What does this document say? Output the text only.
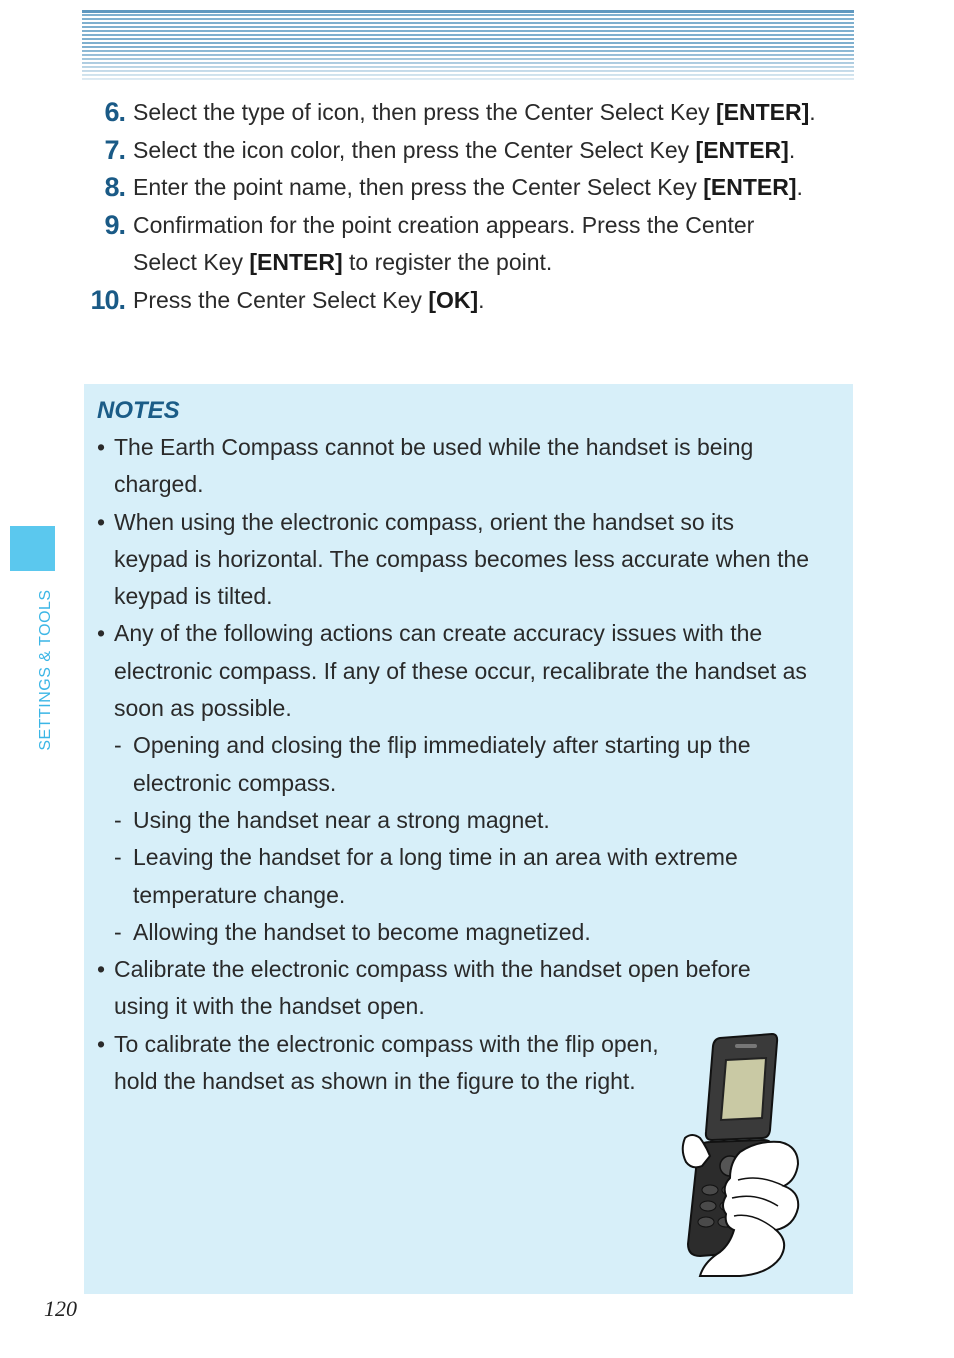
6. Select the type of icon, then press the Center Select Key [ENTER].
7. Select the icon color, then press the Center Select Key [ENTER].
8. Enter the point name, then press the Center Select Key [ENTER].
9. Confirmation for the point creation appears. Press the Center Select Key [ENTER] to register the point.
10. Press the Center Select Key [OK].
NOTES
• The Earth Compass cannot be used while the handset is being charged.
• When using the electronic compass, orient the handset so its keypad is horizontal. The compass becomes less accurate when the keypad is tilted.
• Any of the following actions can create accuracy issues with the electronic compass. If any of these occur, recalibrate the handset as soon as possible.
- Opening and closing the flip immediately after starting up the electronic compass.
- Using the handset near a strong magnet.
- Leaving the handset for a long time in an area with extreme temperature change.
- Allowing the handset to become magnetized.
• Calibrate the electronic compass with the handset open before using it with the handset open.
• To calibrate the electronic compass with the flip open, hold the handset as shown in the figure to the right.
SETTINGS & TOOLS
120
